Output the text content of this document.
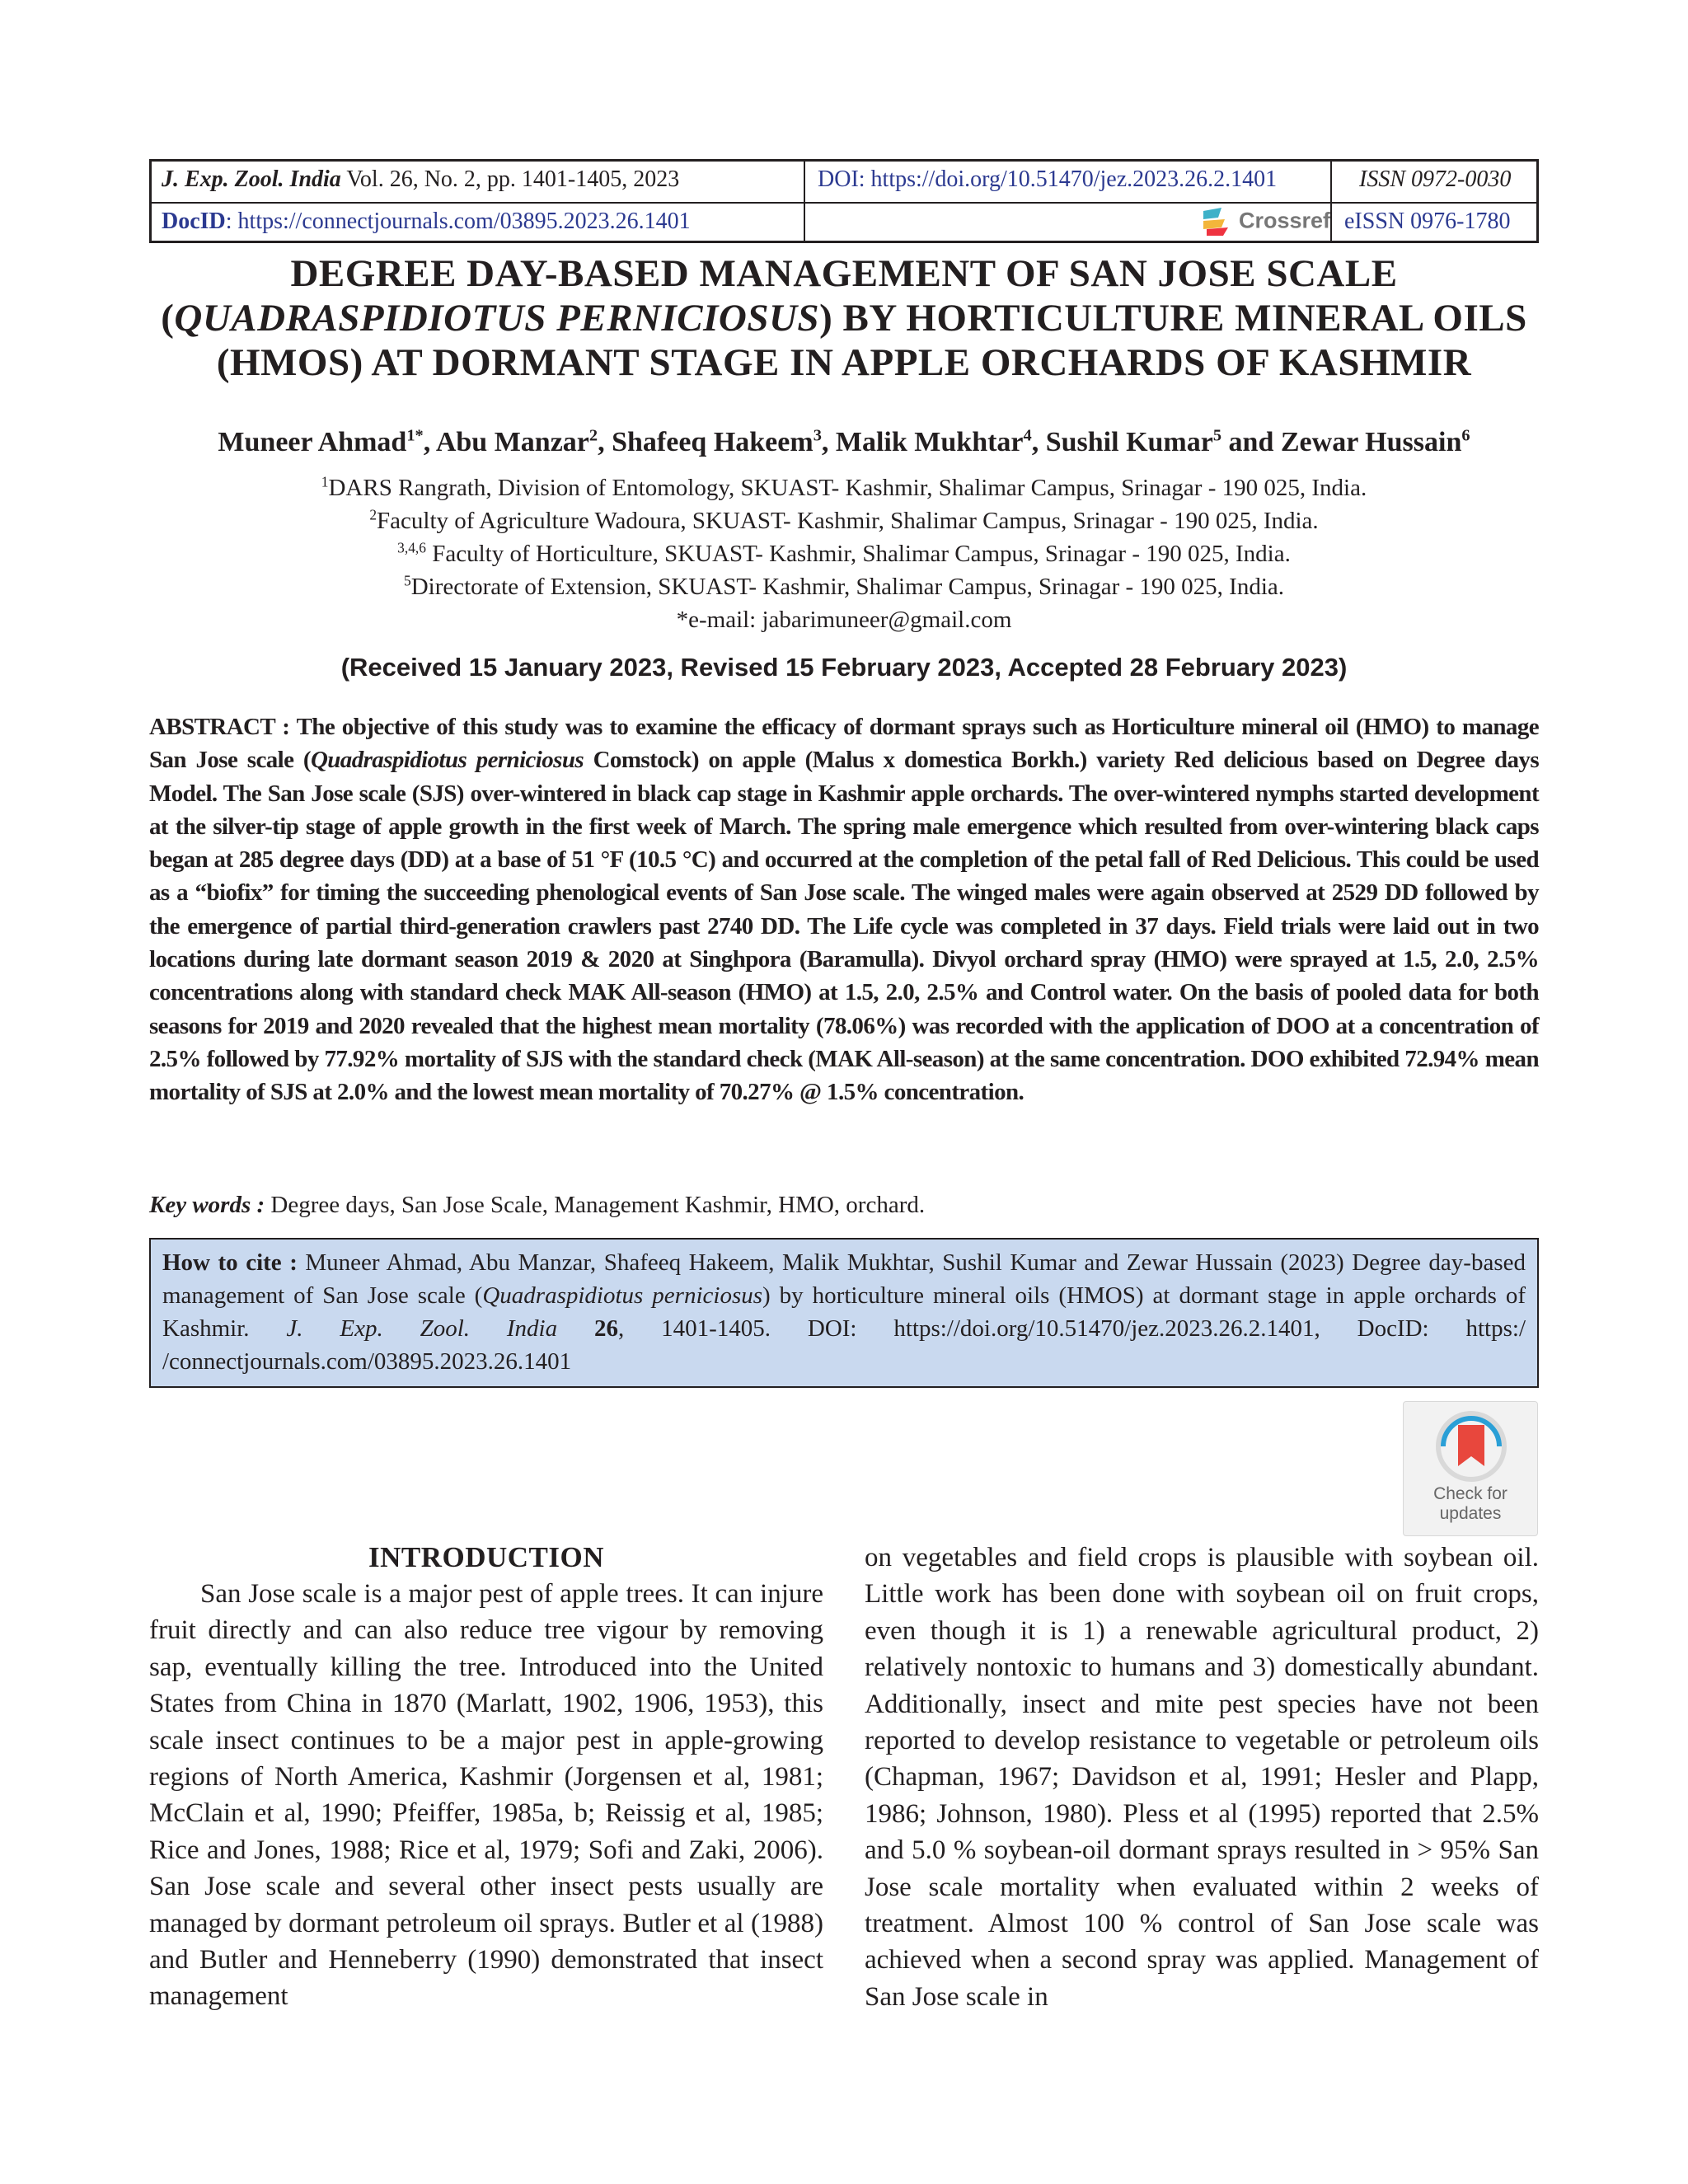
J. Exp. Zool. India Vol. 26, No. 2, pp. 1401-1405, 2023	DOI: https://doi.org/10.51470/jez.2023.26.2.1401	ISSN 0972-0030
DocID: https://connectjournals.com/03895.2023.26.1401	Crossref eISSN 0976-1780
DEGREE DAY-BASED MANAGEMENT OF SAN JOSE SCALE
(QUADRASPIDIOTUS PERNICIOSUS) BY HORTICULTURE MINERAL OILS
(HMOS) AT DORMANT STAGE IN APPLE ORCHARDS OF KASHMIR
Muneer Ahmad$^{1*}$, Abu Manzar$^2$, Shafeeq Hakeem$^3$, Malik Mukhtar$^4$, Sushil Kumar$^5$ and Zewar Hussain$^6$
$^1$DARS Rangrath, Division of Entomology, SKUAST- Kashmir, Shalimar Campus, Srinagar - 190 025, India.
$^2$Faculty of Agriculture Wadoura, SKUAST- Kashmir, Shalimar Campus, Srinagar - 190 025, India.
$^{3,4,6}$ Faculty of Horticulture, SKUAST- Kashmir, Shalimar Campus, Srinagar - 190 025, India.
$^5$Directorate of Extension, SKUAST- Kashmir, Shalimar Campus, Srinagar - 190 025, India.
*e-mail: jabarimuneer@gmail.com
(Received 15 January 2023, Revised 15 February 2023, Accepted 28 February 2023)
ABSTRACT : The objective of this study was to examine the efficacy of dormant sprays such as Horticulture mineral oil (HMO) to manage San Jose scale (Quadraspidiotus perniciosus Comstock) on apple (Malus x domestica Borkh.) variety Red delicious based on Degree days Model. The San Jose scale (SJS) over-wintered in black cap stage in Kashmir apple orchards. The over-wintered nymphs started development at the silver-tip stage of apple growth in the first week of March. The spring male emergence which resulted from over-wintering black caps began at 285 degree days (DD) at a base of 51 °F (10.5 °C) and occurred at the completion of the petal fall of Red Delicious. This could be used as a “biofix” for timing the succeeding phenological events of San Jose scale. The winged males were again observed at 2529 DD followed by the emergence of partial third-generation crawlers past 2740 DD. The Life cycle was completed in 37 days. Field trials were laid out in two locations during late dormant season 2019 & 2020 at Singhpora (Baramulla). Divyol orchard spray (HMO) were sprayed at 1.5, 2.0, 2.5% concentrations along with standard check MAK All-season (HMO) at 1.5, 2.0, 2.5% and Control water. On the basis of pooled data for both seasons for 2019 and 2020 revealed that the highest mean mortality (78.06%) was recorded with the application of DOO at a concentration of 2.5% followed by 77.92% mortality of SJS with the standard check (MAK All-season) at the same concentration. DOO exhibited 72.94% mean mortality of SJS at 2.0% and the lowest mean mortality of 70.27% @ 1.5% concentration.
Key words : Degree days, San Jose Scale, Management Kashmir, HMO, orchard.
How to cite : Muneer Ahmad, Abu Manzar, Shafeeq Hakeem, Malik Mukhtar, Sushil Kumar and Zewar Hussain (2023) Degree day-based management of San Jose scale (Quadraspidiotus perniciosus) by horticulture mineral oils (HMOS) at dormant stage in apple orchards of Kashmir. J. Exp. Zool. India 26, 1401-1405. DOI: https://doi.org/10.51470/jez.2023.26.2.1401, DocID: https:/ /connectjournals.com/03895.2023.26.1401
Check for
updates
INTRODUCTION

San Jose scale is a major pest of apple trees. It can injure fruit directly and can also reduce tree vigour by removing sap, eventually killing the tree. Introduced into the United States from China in 1870 (Marlatt, 1902, 1906, 1953), this scale insect continues to be a major pest in apple-growing regions of North America, Kashmir (Jorgensen et al, 1981; McClain et al, 1990; Pfeiffer, 1985a, b; Reissig et al, 1985; Rice and Jones, 1988; Rice et al, 1979; Sofi and Zaki, 2006). San Jose scale and several other insect pests usually are managed by dormant petroleum oil sprays. Butler et al (1988) and Butler and Henneberry (1990) demonstrated that insect management

on vegetables and field crops is plausible with soybean oil. Little work has been done with soybean oil on fruit crops, even though it is 1) a renewable agricultural product, 2) relatively nontoxic to humans and 3) domestically abundant. Additionally, insect and mite pest species have not been reported to develop resistance to vegetable or petroleum oils (Chapman, 1967; Davidson et al, 1991; Hesler and Plapp, 1986; Johnson, 1980). Pless et al (1995) reported that 2.5% and 5.0 % soybean-oil dormant sprays resulted in > 95% San Jose scale mortality when evaluated within 2 weeks of treatment. Almost 100 % control of San Jose scale was achieved when a second spray was applied. Management of San Jose scale in
